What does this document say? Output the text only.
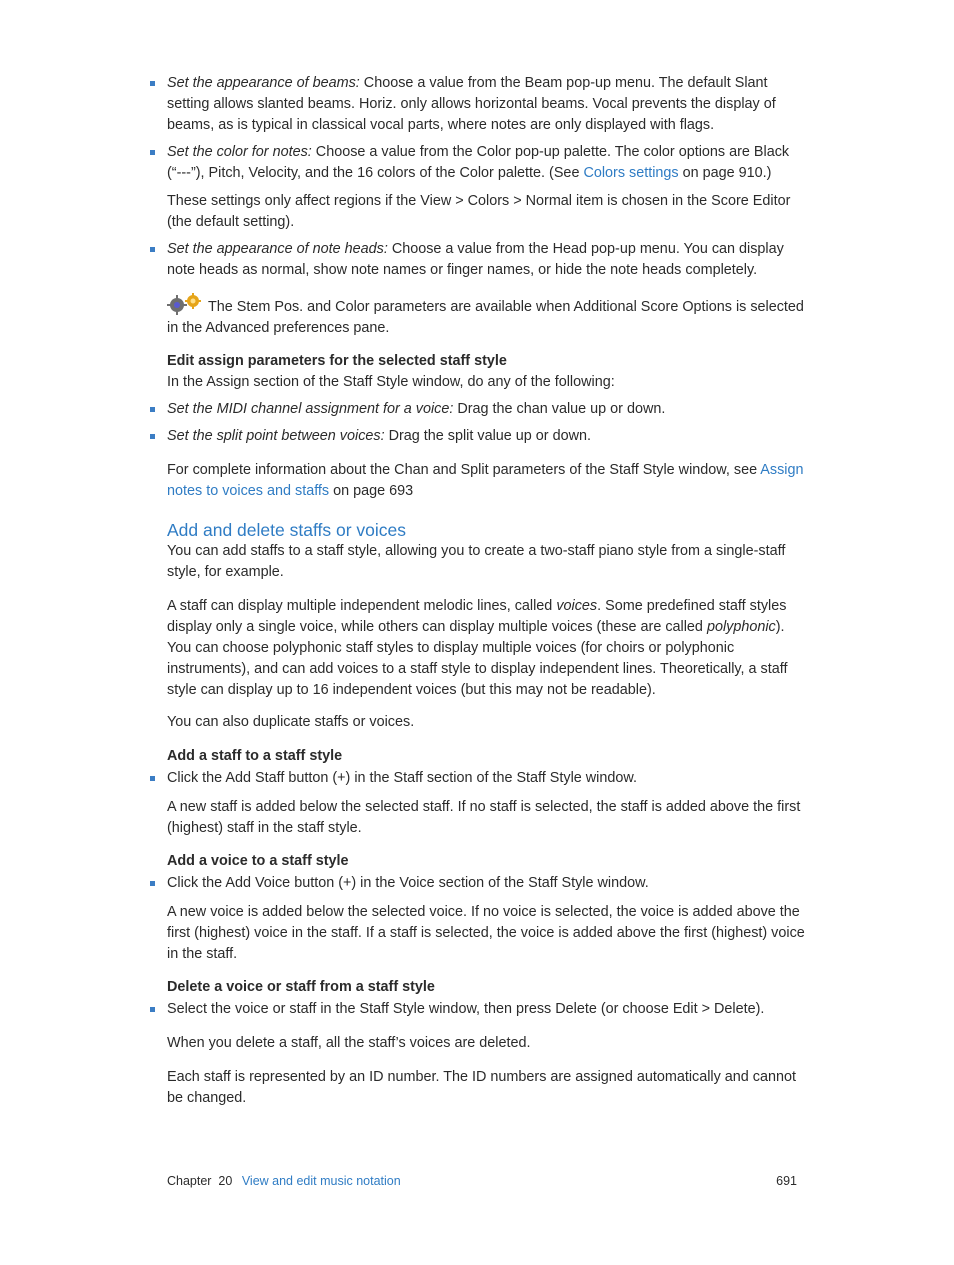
Set the appearance of beams: Choose a value from the Beam pop-up menu. The default Slant setting allows slanted beams. Horiz. only allows horizontal beams. Vocal prevents the display of beams, as is typical in classical vocal parts, where notes are only displayed with flags.

Set the color for notes: Choose a value from the Color pop-up palette. The color options are Black (“---”), Pitch, Velocity, and the 16 colors of the Color palette. (See Colors settings on page 910.)

These settings only affect regions if the View > Colors > Normal item is chosen in the Score Editor (the default setting).

Set the appearance of note heads: Choose a value from the Head pop-up menu. You can display note heads as normal, show note names or finger names, or hide the note heads completely.

The Stem Pos. and Color parameters are available when Additional Score Options is selected in the Advanced preferences pane.

Edit assign parameters for the selected staff style

In the Assign section of the Staff Style window, do any of the following:

Set the MIDI channel assignment for a voice: Drag the chan value up or down.

Set the split point between voices: Drag the split value up or down.

For complete information about the Chan and Split parameters of the Staff Style window, see Assign notes to voices and staffs on page 693

Add and delete staffs or voices

You can add staffs to a staff style, allowing you to create a two-staff piano style from a single-staff style, for example.

A staff can display multiple independent melodic lines, called voices. Some predefined staff styles display only a single voice, while others can display multiple voices (these are called polyphonic). You can choose polyphonic staff styles to display multiple voices (for choirs or polyphonic instruments), and can add voices to a staff style to display independent lines. Theoretically, a staff style can display up to 16 independent voices (but this may not be readable).

You can also duplicate staffs or voices.

Add a staff to a staff style

Click the Add Staff button (+) in the Staff section of the Staff Style window.

A new staff is added below the selected staff. If no staff is selected, the staff is added above the first (highest) staff in the staff style.

Add a voice to a staff style

Click the Add Voice button (+) in the Voice section of the Staff Style window.

A new voice is added below the selected voice. If no voice is selected, the voice is added above the first (highest) voice in the staff. If a staff is selected, the voice is added above the first (highest) voice in the staff.

Delete a voice or staff from a staff style

Select the voice or staff in the Staff Style window, then press Delete (or choose Edit > Delete).

When you delete a staff, all the staff’s voices are deleted.

Each staff is represented by an ID number. The ID numbers are assigned automatically and cannot be changed.

Chapter  20 View and edit music notation	691
